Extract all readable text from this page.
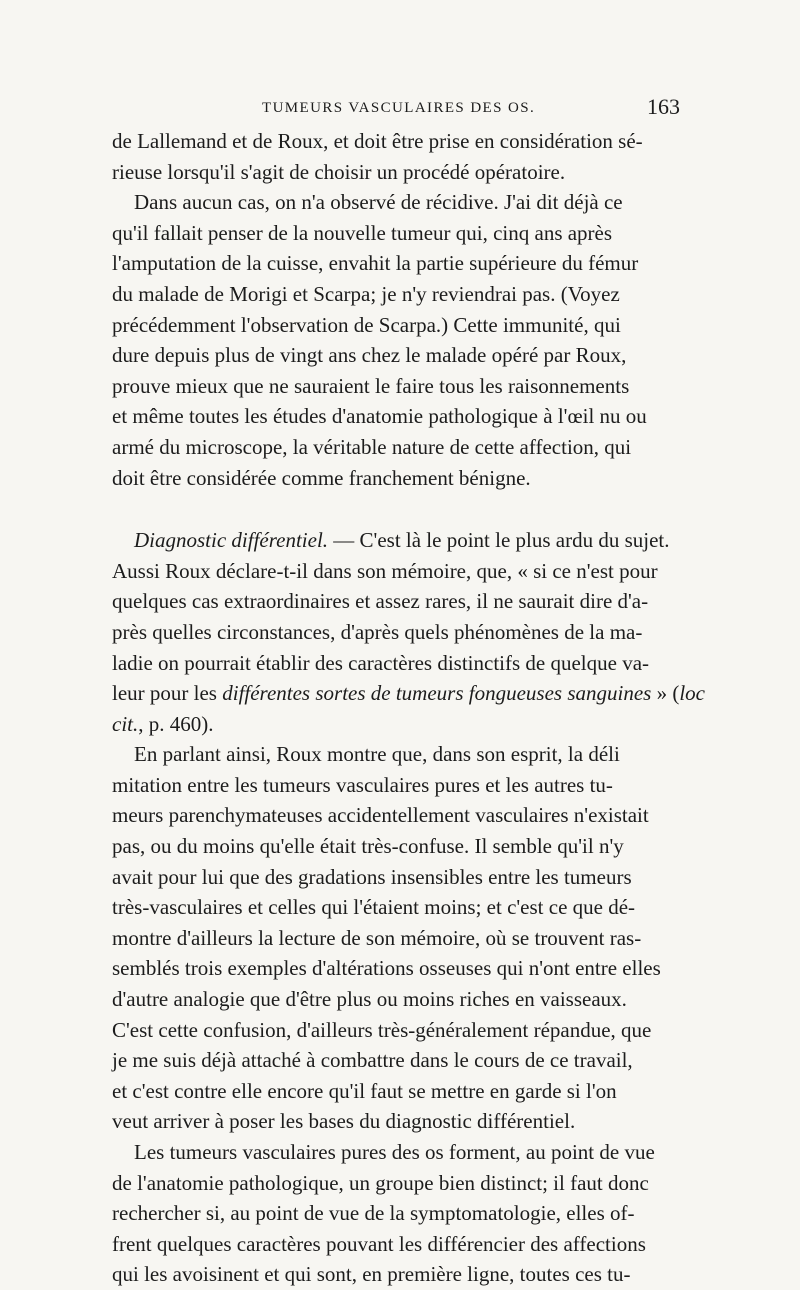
TUMEURS VASCULAIRES DES OS.	163
de Lallemand et de Roux, et doit être prise en considération sé-
rieuse lorsqu'il s'agit de choisir un procédé opératoire.
Dans aucun cas, on n'a observé de récidive. J'ai dit déjà ce
qu'il fallait penser de la nouvelle tumeur qui, cinq ans après
l'amputation de la cuisse, envahit la partie supérieure du fémur
du malade de Morigi et Scarpa; je n'y reviendrai pas. (Voyez
précédemment l'observation de Scarpa.) Cette immunité, qui
dure depuis plus de vingt ans chez le malade opéré par Roux,
prouve mieux que ne sauraient le faire tous les raisonnements
et même toutes les études d'anatomie pathologique à l'œil nu ou
armé du microscope, la véritable nature de cette affection, qui
doit être considérée comme franchement bénigne.
Diagnostic différentiel. — C'est là le point le plus ardu du sujet.
Aussi Roux déclare-t-il dans son mémoire, que, « si ce n'est pour
quelques cas extraordinaires et assez rares, il ne saurait dire d'a-
près quelles circonstances, d'après quels phénomènes de la ma-
ladie on pourrait établir des caractères distinctifs de quelque va-
leur pour les différentes sortes de tumeurs fongueuses sanguines » (loc
cit., p. 460).
En parlant ainsi, Roux montre que, dans son esprit, la déli
mitation entre les tumeurs vasculaires pures et les autres tu-
meurs parenchymateuses accidentellement vasculaires n'existait
pas, ou du moins qu'elle était très-confuse. Il semble qu'il n'y
avait pour lui que des gradations insensibles entre les tumeurs
très-vasculaires et celles qui l'étaient moins; et c'est ce que dé-
montre d'ailleurs la lecture de son mémoire, où se trouvent ras-
semblés trois exemples d'altérations osseuses qui n'ont entre elles
d'autre analogie que d'être plus ou moins riches en vaisseaux.
C'est cette confusion, d'ailleurs très-généralement répandue, que
je me suis déjà attaché à combattre dans le cours de ce travail,
et c'est contre elle encore qu'il faut se mettre en garde si l'on
veut arriver à poser les bases du diagnostic différentiel.
Les tumeurs vasculaires pures des os forment, au point de vue
de l'anatomie pathologique, un groupe bien distinct; il faut donc
rechercher si, au point de vue de la symptomatologie, elles of-
frent quelques caractères pouvant les différencier des affections
qui les avoisinent et qui sont, en première ligne, toutes ces tu-
